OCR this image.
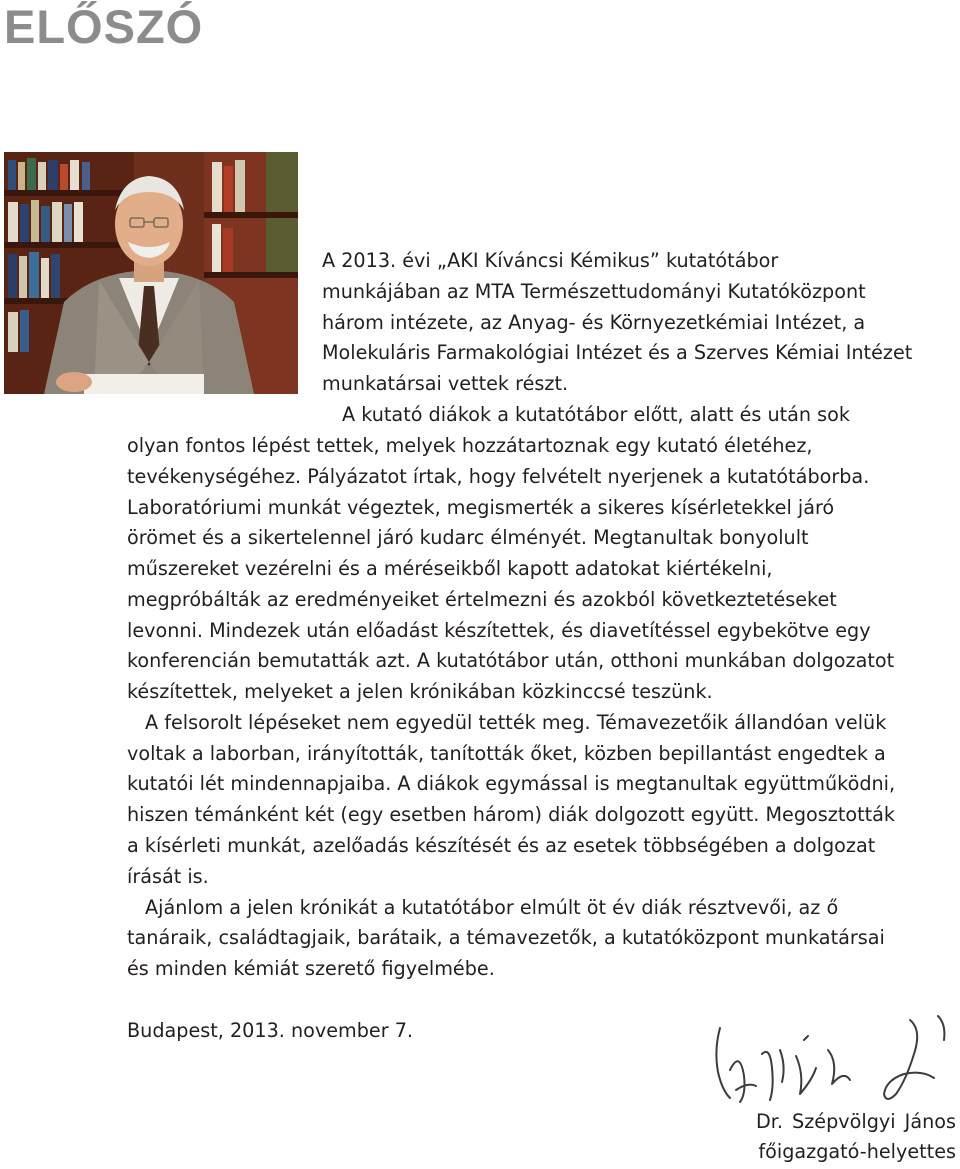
ELŐSZÓ
A 2013. évi „AKI Kíváncsi Kémikus” kutatótábor
munkájában az MTA Természettudományi Kutatóközpont
három intézete, az Anyag- és Környezetkémiai Intézet, a
Molekuláris Farmakológiai Intézet és a Szerves Kémiai Intézet
munkatársai vettek részt.
A kutató diákok a kutatótábor előtt, alatt és után sok
olyan fontos lépést tettek, melyek hozzátartoznak egy kutató életéhez,
tevékenységéhez. Pályázatot írtak, hogy felvételt nyerjenek a kutatótáborba.
Laboratóriumi munkát végeztek, megismerték a sikeres kísérletekkel járó
örömet és a sikertelennel járó kudarc élményét. Megtanultak bonyolult
műszereket vezérelni és a méréseikből kapott adatokat kiértékelni,
megpróbálták az eredményeiket értelmezni és azokból következtetéseket
levonni. Mindezek után előadást készítettek, és diavetítéssel egybekötve egy
konferencián bemutatták azt. A kutatótábor után, otthoni munkában dolgozatot
készítettek, melyeket a jelen krónikában közkinccsé teszünk.
A felsorolt lépéseket nem egyedül tették meg. Témavezetőik állandóan velük
voltak a laborban, irányították, tanították őket, közben bepillantást engedtek a
kutatói lét mindennapjaiba. A diákok egymással is megtanultak együttműködni,
hiszen témánként két (egy esetben három) diák dolgozott együtt. Megosztották
a kísérleti munkát, azelőadás készítését és az esetek többségében a dolgozat
írását is.
Ajánlom a jelen krónikát a kutatótábor elmúlt öt év diák résztvevői, az ő
tanáraik, családtagjaik, barátaik, a témavezetők, a kutatóközpont munkatársai
és minden kémiát szerető figyelmébe.
Budapest, 2013. november 7.
Dr. Szépvölgyi János
főigazgató-helyettes
